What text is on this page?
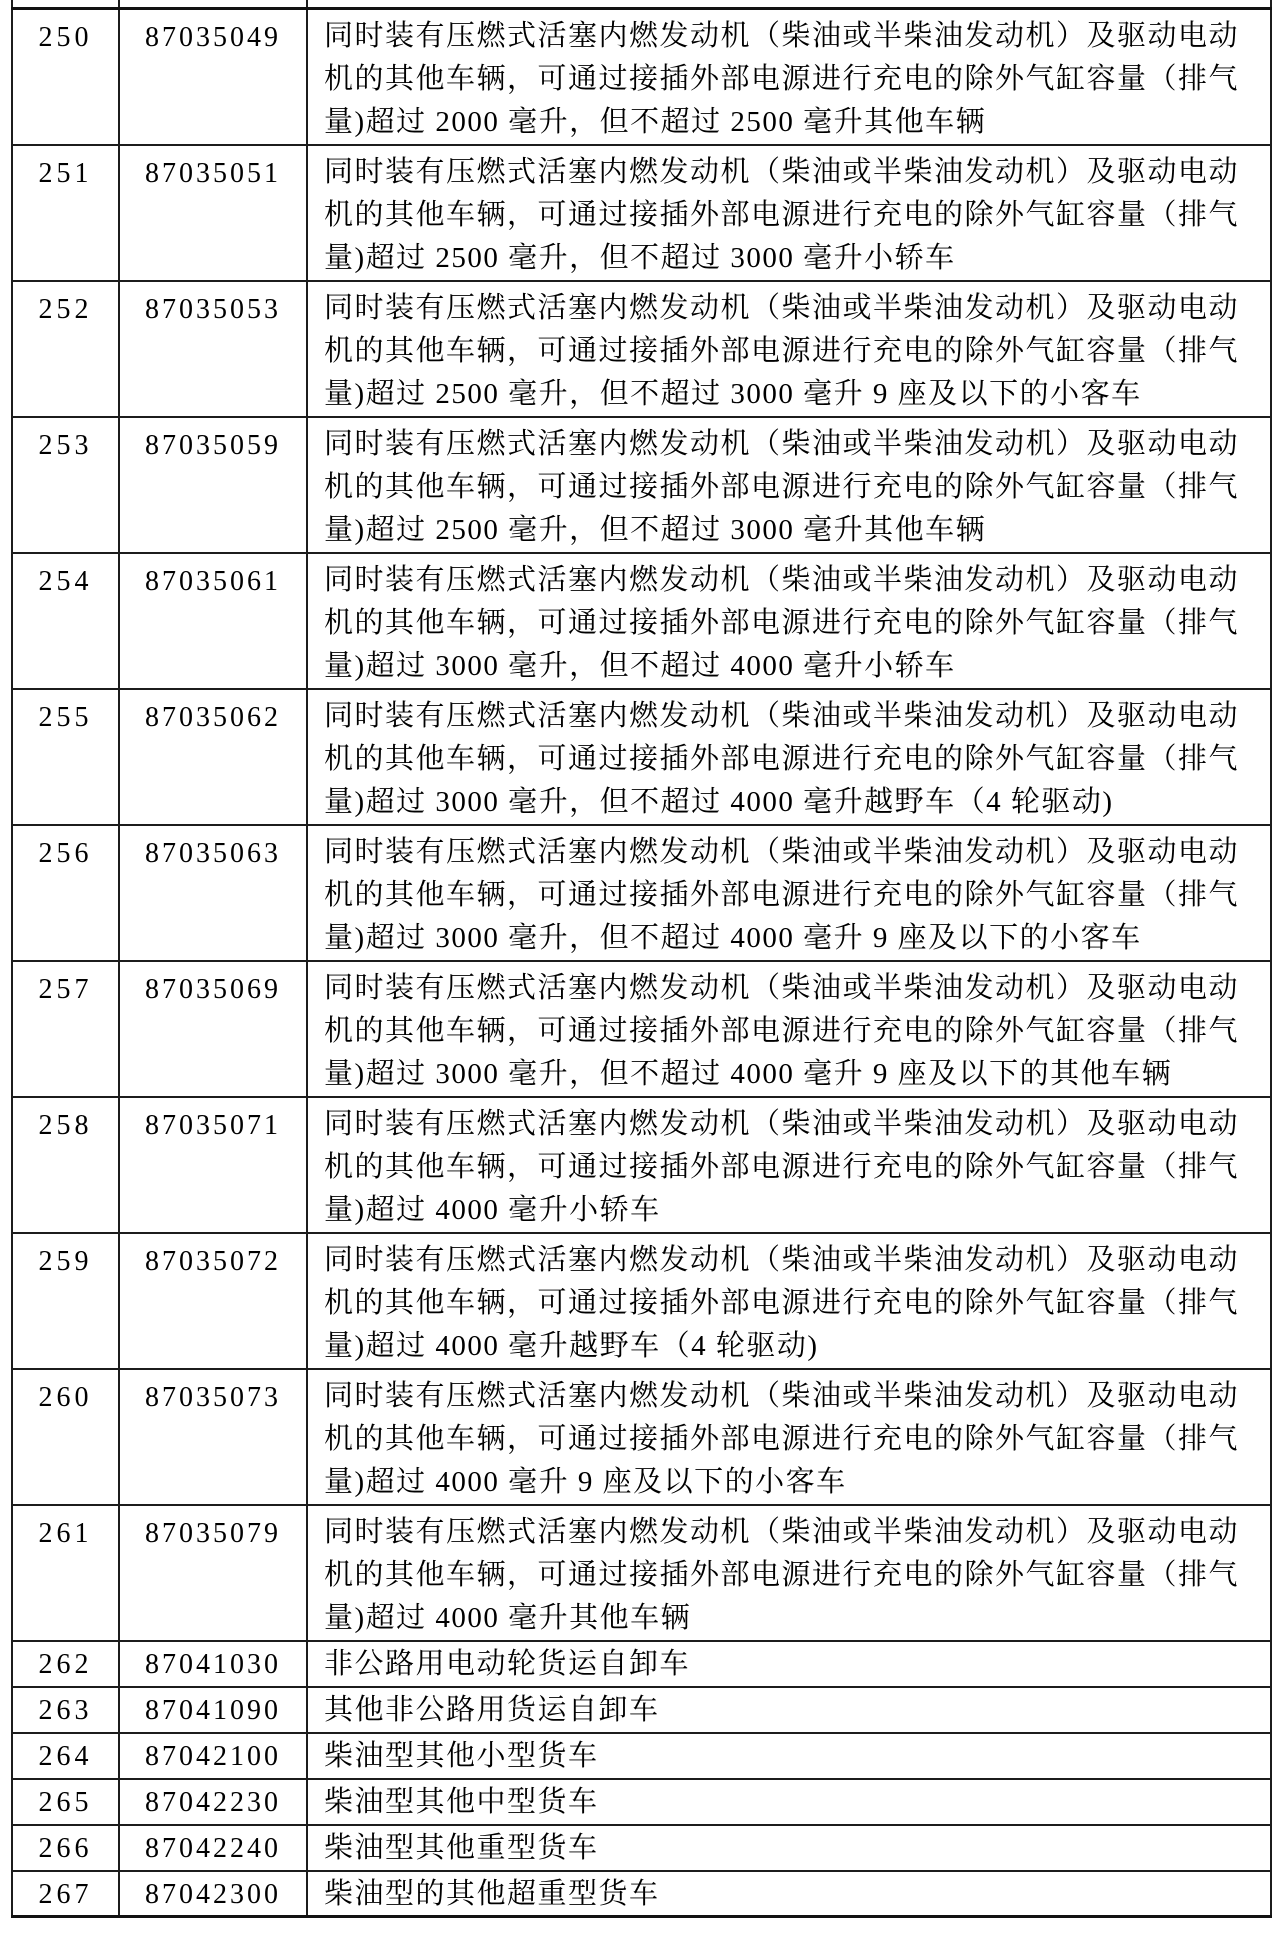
250	87035049	同时装有压燃式活塞内燃发动机（柴油或半柴油发动机）及驱动电动
机的其他车辆，可通过接插外部电源进行充电的除外气缸容量（排气
量)超过 2000 毫升，但不超过 2500 毫升其他车辆

251	87035051	同时装有压燃式活塞内燃发动机（柴油或半柴油发动机）及驱动电动
机的其他车辆，可通过接插外部电源进行充电的除外气缸容量（排气
量)超过 2500 毫升，但不超过 3000 毫升小轿车

252	87035053	同时装有压燃式活塞内燃发动机（柴油或半柴油发动机）及驱动电动
机的其他车辆，可通过接插外部电源进行充电的除外气缸容量（排气
量)超过 2500 毫升，但不超过 3000 毫升 9 座及以下的小客车

253	87035059	同时装有压燃式活塞内燃发动机（柴油或半柴油发动机）及驱动电动
机的其他车辆，可通过接插外部电源进行充电的除外气缸容量（排气
量)超过 2500 毫升，但不超过 3000 毫升其他车辆

254	87035061	同时装有压燃式活塞内燃发动机（柴油或半柴油发动机）及驱动电动
机的其他车辆，可通过接插外部电源进行充电的除外气缸容量（排气
量)超过 3000 毫升，但不超过 4000 毫升小轿车

255	87035062	同时装有压燃式活塞内燃发动机（柴油或半柴油发动机）及驱动电动
机的其他车辆，可通过接插外部电源进行充电的除外气缸容量（排气
量)超过 3000 毫升，但不超过 4000 毫升越野车（4 轮驱动)

256	87035063	同时装有压燃式活塞内燃发动机（柴油或半柴油发动机）及驱动电动
机的其他车辆，可通过接插外部电源进行充电的除外气缸容量（排气
量)超过 3000 毫升，但不超过 4000 毫升 9 座及以下的小客车

257	87035069	同时装有压燃式活塞内燃发动机（柴油或半柴油发动机）及驱动电动
机的其他车辆，可通过接插外部电源进行充电的除外气缸容量（排气
量)超过 3000 毫升，但不超过 4000 毫升 9 座及以下的其他车辆

258	87035071	同时装有压燃式活塞内燃发动机（柴油或半柴油发动机）及驱动电动
机的其他车辆，可通过接插外部电源进行充电的除外气缸容量（排气
量)超过 4000 毫升小轿车

259	87035072	同时装有压燃式活塞内燃发动机（柴油或半柴油发动机）及驱动电动
机的其他车辆，可通过接插外部电源进行充电的除外气缸容量（排气
量)超过 4000 毫升越野车（4 轮驱动)

260	87035073	同时装有压燃式活塞内燃发动机（柴油或半柴油发动机）及驱动电动
机的其他车辆，可通过接插外部电源进行充电的除外气缸容量（排气
量)超过 4000 毫升 9 座及以下的小客车

261	87035079	同时装有压燃式活塞内燃发动机（柴油或半柴油发动机）及驱动电动
机的其他车辆，可通过接插外部电源进行充电的除外气缸容量（排气
量)超过 4000 毫升其他车辆

262	87041030	非公路用电动轮货运自卸车

263	87041090	其他非公路用货运自卸车

264	87042100	柴油型其他小型货车

265	87042230	柴油型其他中型货车

266	87042240	柴油型其他重型货车

267	87042300	柴油型的其他超重型货车
